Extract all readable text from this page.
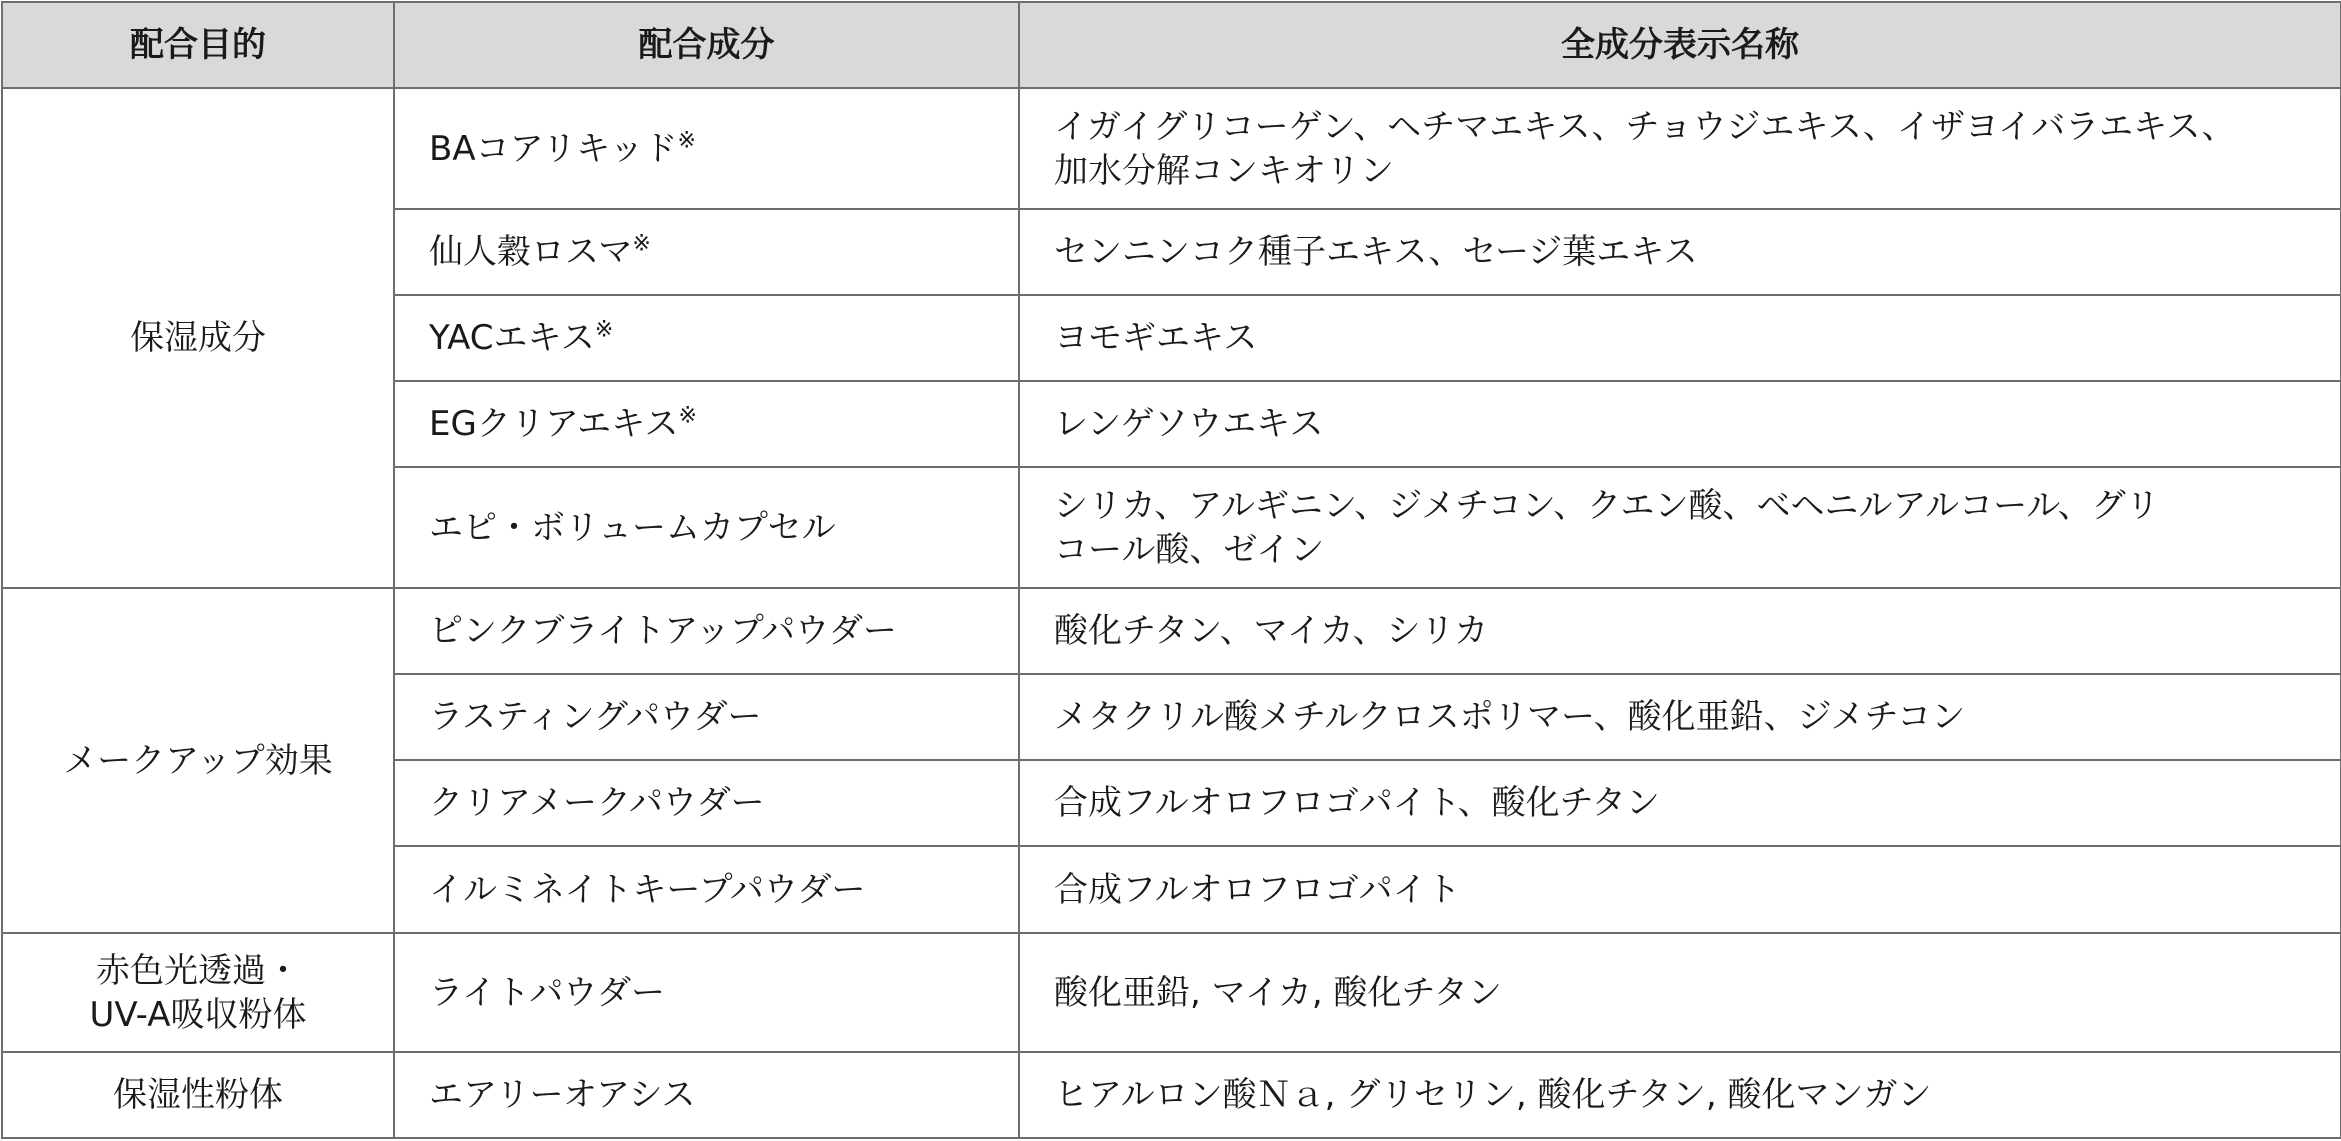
配合目的	配合成分	全成分表示名称
保湿成分	BAコアリキッド※	イガイグリコーゲン、ヘチマエキス、チョウジエキス、イザヨイバラエキス、
加水分解コンキオリン

	仙人穀ロスマ※	センニンコク種子エキス、セージ葉エキス
	YACエキス※	ヨモギエキス
	EGクリアエキス※	レンゲソウエキス
	エピ・ボリュームカプセル	シリカ、アルギニン、ジメチコン、クエン酸、ベヘニルアルコール、グリ
コール酸、ゼイン

メークアップ効果	ピンクブライトアップパウダー	酸化チタン、マイカ、シリカ
	ラスティングパウダー	メタクリル酸メチルクロスポリマー、酸化亜鉛、ジメチコン
	クリアメークパウダー	合成フルオロフロゴパイト、酸化チタン
	イルミネイトキープパウダー	合成フルオロフロゴパイト

赤色光透過・
UV-A吸収粉体	ライトパウダー	酸化亜鉛, マイカ, 酸化チタン
保湿性粉体	エアリーオアシス	ヒアルロン酸Ｎａ, グリセリン, 酸化チタン, 酸化マンガン
